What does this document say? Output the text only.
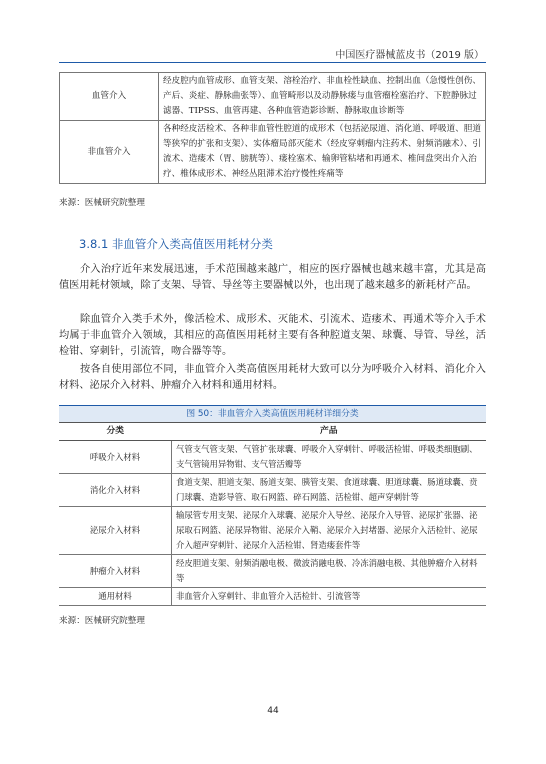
中国医疗器械蓝皮书（2019 版）
血管介入	经皮腔内血管成形、血管支架、溶栓治疗、非血栓性缺血、控制出血（急慢性创伤、产后、炎症、静脉曲张等）、血管畸形以及动静脉瘘与血管瘤栓塞治疗、下腔静脉过滤器、TIPSS、血管再建、各种血管造影诊断、静脉取血诊断等
非血管介入	各种经皮活检术、各种非血管性腔道的成形术（包括泌尿道、消化道、呼吸道、胆道等狭窄的扩张和支架）、实体瘤局部灭能术（经皮穿刺瘤内注药术、射频消融术）、引流术、造瘘术（胃、膀胱等）、瘘栓塞术、输卵管粘堵和再通术、椎间盘突出介入治疗、椎体成形术、神经丛阻滞术治疗慢性疼痛等
来源：医械研究院整理
3.8.1 非血管介入类高值医用耗材分类

介入治疗近年来发展迅速，手术范围越来越广，相应的医疗器械也越来越丰富，尤其是高值医用耗材领域，除了支架、导管、导丝等主要器械以外，也出现了越来越多的新耗材产品。

除血管介入类手术外，像活检术、成形术、灭能术、引流术、造瘘术、再通术等介入手术均属于非血管介入领域，其相应的高值医用耗材主要有各种腔道支架、球囊、导管、导丝，活检钳、穿刺针，引流管，吻合器等等。

按各自使用部位不同，非血管介入类高值医用耗材大致可以分为呼吸介入材料、消化介入材料、泌尿介入材料、肿瘤介入材料和通用材料。

图 50：非血管介入类高值医用耗材详细分类
分类	产品
呼吸介入材料	气管支气管支架、气管扩张球囊、呼吸介入穿刺针、呼吸活检钳、呼吸类细胞刷、支气管镜用异物钳、支气管活瓣等
消化介入材料	食道支架、胆道支架、肠道支架、胰管支架、食道球囊、胆道球囊、肠道球囊、贲门球囊、造影导管、取石网篮、碎石网篮、活检钳、超声穿刺针等
泌尿介入材料	输尿管专用支架、泌尿介入球囊、泌尿介入导丝、泌尿介入导管、泌尿扩张器、泌尿取石网篮、泌尿异物钳、泌尿介入鞘、泌尿介入封堵器、泌尿介入活检针、泌尿介入超声穿刺针、泌尿介入活检钳、肾造瘘套件等
肿瘤介入材料	经皮胆道支架、射频消融电极、微波消融电极、冷冻消融电极、其他肿瘤介入材料等
通用材料	非血管介入穿刺针、非血管介入活检针、引流管等
来源：医械研究院整理
44
